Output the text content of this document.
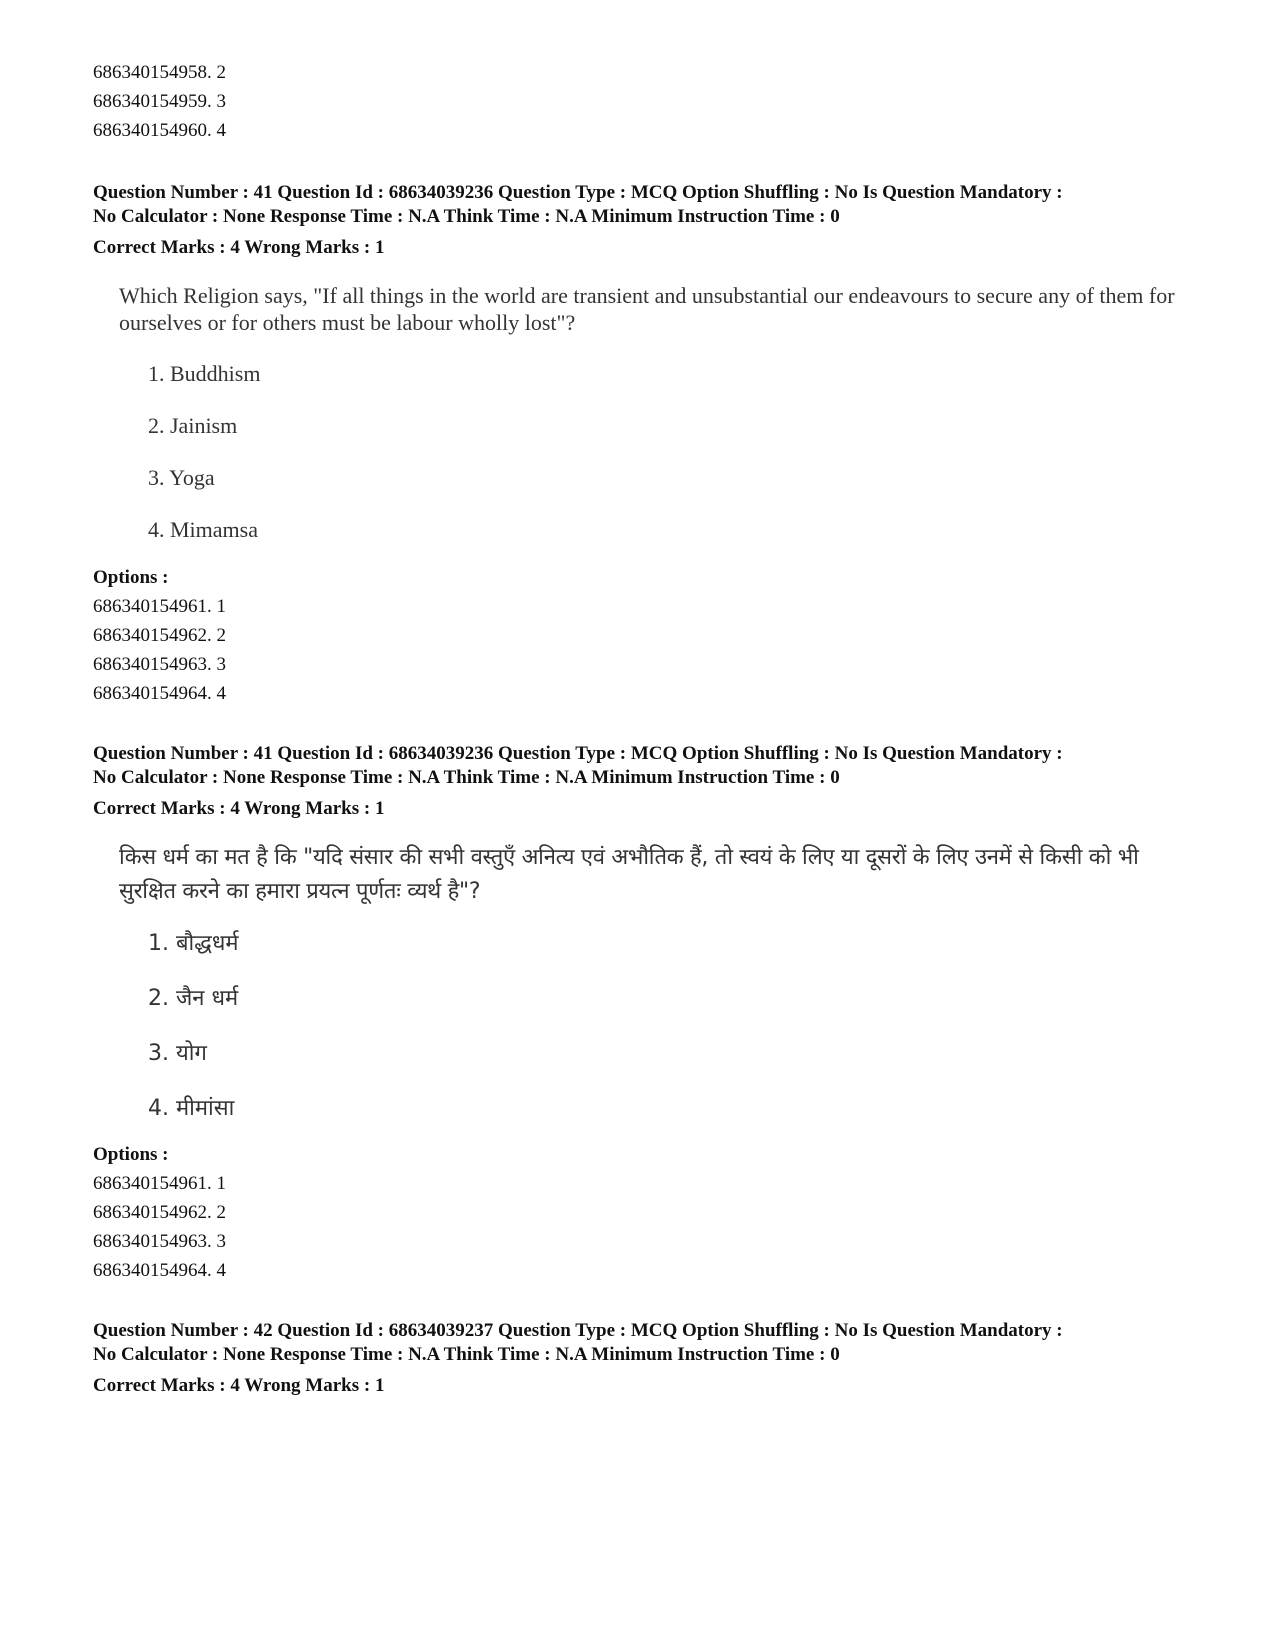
686340154958. 2
686340154959. 3
686340154960. 4
Question Number : 41 Question Id : 68634039236 Question Type : MCQ Option Shuffling : No Is Question Mandatory :
No Calculator : None Response Time : N.A Think Time : N.A Minimum Instruction Time : 0
Correct Marks : 4 Wrong Marks : 1
Which Religion says, "If all things in the world are transient and unsubstantial our endeavours to secure any of them for ourselves or for others must be labour wholly lost"?
1. Buddhism
2. Jainism
3. Yoga
4. Mimamsa
Options :
686340154961. 1
686340154962. 2
686340154963. 3
686340154964. 4
Question Number : 41 Question Id : 68634039236 Question Type : MCQ Option Shuffling : No Is Question Mandatory :
No Calculator : None Response Time : N.A Think Time : N.A Minimum Instruction Time : 0
Correct Marks : 4 Wrong Marks : 1
किस धर्म का मत है कि "यदि संसार की सभी वस्तुएँ अनित्य एवं अभौतिक हैं, तो स्वयं के लिए या दूसरों के लिए उनमें से किसी को भी सुरक्षित करने का हमारा प्रयत्न पूर्णतः व्यर्थ है"?
1. बौद्धधर्म
2. जैन धर्म
3. योग
4. मीमांसा
Options :
686340154961. 1
686340154962. 2
686340154963. 3
686340154964. 4
Question Number : 42 Question Id : 68634039237 Question Type : MCQ Option Shuffling : No Is Question Mandatory :
No Calculator : None Response Time : N.A Think Time : N.A Minimum Instruction Time : 0
Correct Marks : 4 Wrong Marks : 1
